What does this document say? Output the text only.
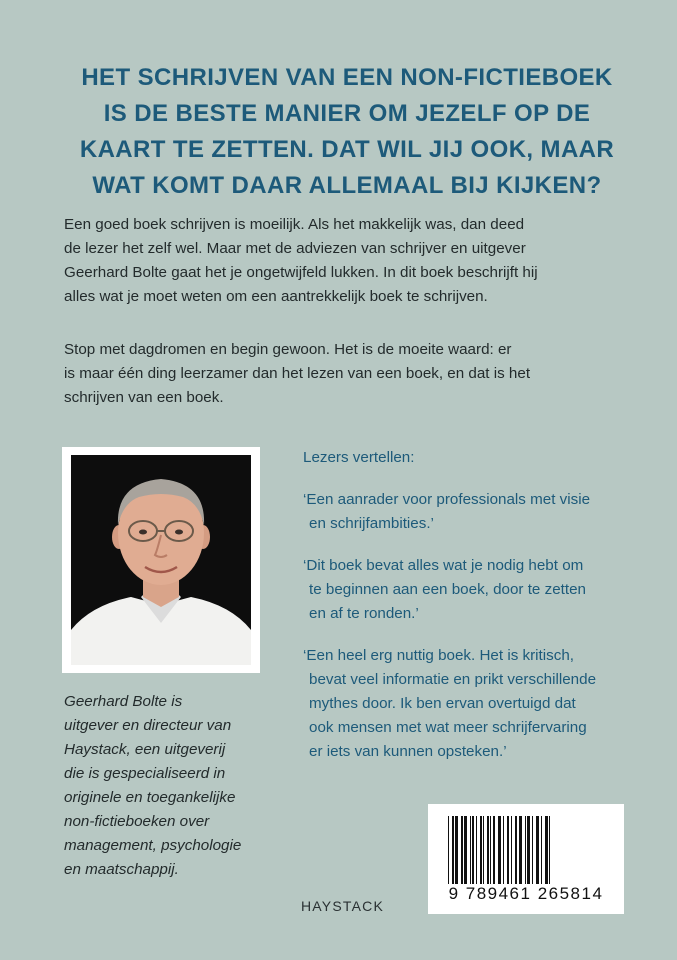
HET SCHRIJVEN VAN EEN NON-FICTIEBOEK
IS DE BESTE MANIER OM JEZELF OP DE
KAART TE ZETTEN. DAT WIL JIJ OOK, MAAR
WAT KOMT DAAR ALLEMAAL BIJ KIJKEN?
Een goed boek schrijven is moeilijk. Als het makkelijk was, dan deed
de lezer het zelf wel. Maar met de adviezen van schrijver en uitgever
Geerhard Bolte gaat het je ongetwijfeld lukken. In dit boek beschrijft hij
alles wat je moet weten om een aantrekkelijk boek te schrijven.
Stop met dagdromen en begin gewoon. Het is de moeite waard: er
is maar één ding leerzamer dan het lezen van een boek, en dat is het
schrijven van een boek.
Geerhard Bolte is
uitgever en directeur van
Haystack, een uitgeverij
die is gespecialiseerd in
originele en toegankelijke
non-fictieboeken over
management, psychologie
en maatschappij.
Lezers vertellen:
‘Een aanrader voor professionals met visie
en schrijfambities.’
‘Dit boek bevat alles wat je nodig hebt om
te beginnen aan een boek, door te zetten
en af te ronden.’
‘Een heel erg nuttig boek. Het is kritisch,
bevat veel informatie en prikt verschillende
mythes door. Ik ben ervan overtuigd dat
ook mensen met wat meer schrijfervaring
er iets van kunnen opsteken.’
HAYSTACK
9 789461 265814
